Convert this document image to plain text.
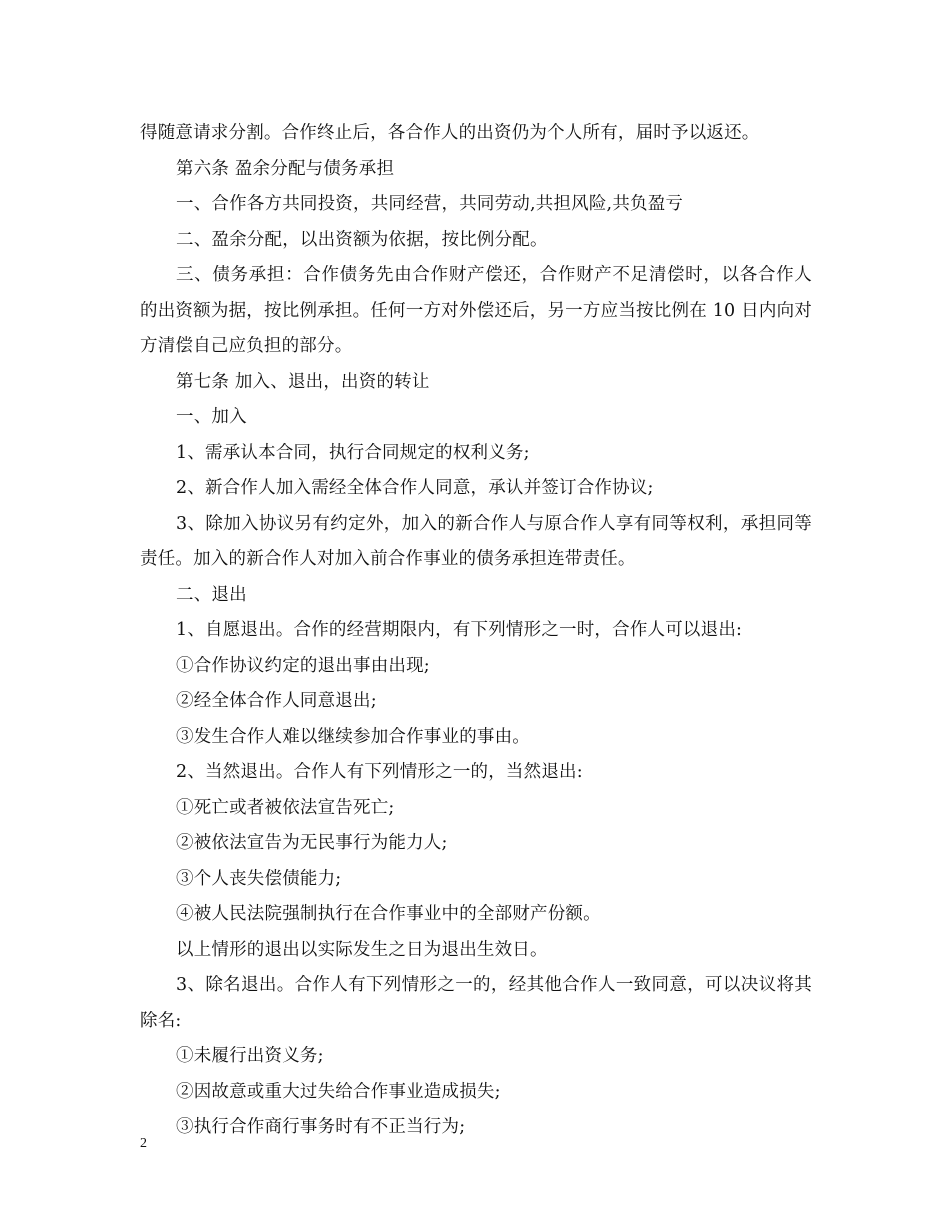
得随意请求分割。合作终止后，各合作人的出资仍为个人所有，届时予以返还。

第六条 盈余分配与债务承担

一、合作各方共同投资，共同经营，共同劳动,共担风险,共负盈亏

二、盈余分配，以出资额为依据，按比例分配。

三、债务承担：合作债务先由合作财产偿还，合作财产不足清偿时，以各合作人的出资额为据，按比例承担。任何一方对外偿还后，另一方应当按比例在 10 日内向对方清偿自己应负担的部分。

第七条 加入、退出，出资的转让

一、加入

1、需承认本合同，执行合同规定的权利义务;

2、新合作人加入需经全体合作人同意，承认并签订合作协议;

3、除加入协议另有约定外，加入的新合作人与原合作人享有同等权利，承担同等责任。加入的新合作人对加入前合作事业的债务承担连带责任。

二、退出

1、自愿退出。合作的经营期限内，有下列情形之一时，合作人可以退出:

①合作协议约定的退出事由出现;

②经全体合作人同意退出;

③发生合作人难以继续参加合作事业的事由。

2、当然退出。合作人有下列情形之一的，当然退出:

①死亡或者被依法宣告死亡;

②被依法宣告为无民事行为能力人;

③个人丧失偿债能力;

④被人民法院强制执行在合作事业中的全部财产份额。

以上情形的退出以实际发生之日为退出生效日。

3、除名退出。合作人有下列情形之一的，经其他合作人一致同意，可以决议将其除名:

①未履行出资义务;

②因故意或重大过失给合作事业造成损失;

③执行合作商行事务时有不正当行为;

2
